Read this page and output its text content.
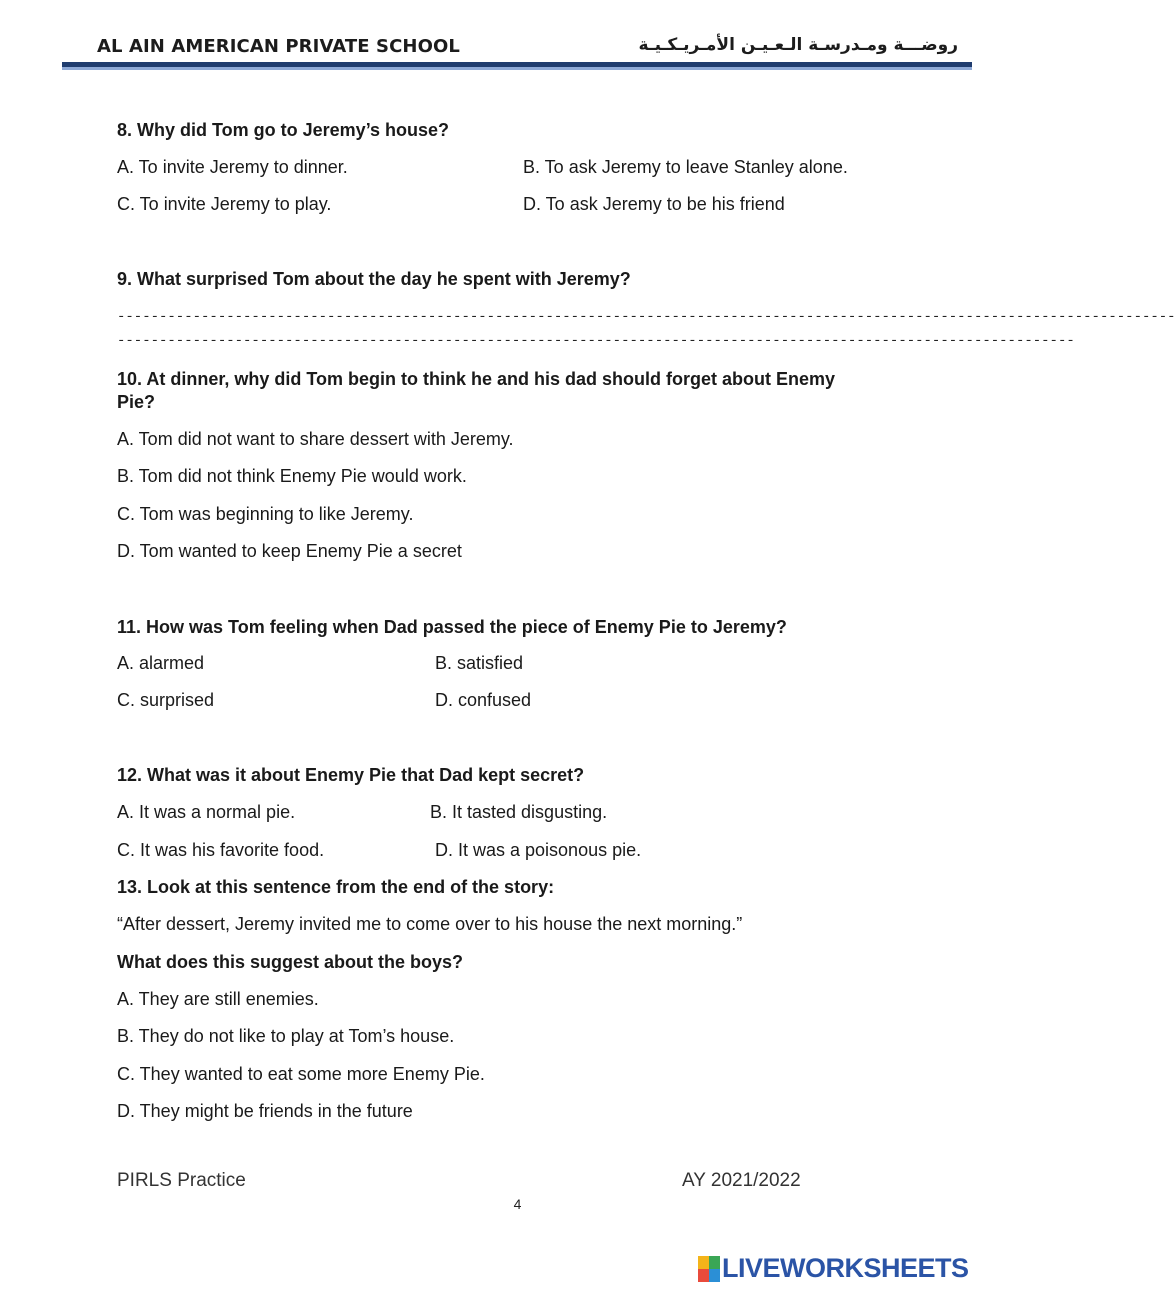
AL AIN AMERICAN PRIVATE SCHOOL	روضـــة ومـدرسـة الـعـيـن الأمـريـكـيـة
8. Why did Tom go to Jeremy’s house?
A. To invite Jeremy to dinner.	B. To ask Jeremy to leave Stanley alone.
C. To invite Jeremy to play.	D. To ask Jeremy to be his friend
9. What surprised Tom about the day he spent with Jeremy?
------------------------------------------------------------------------------------------------------------------------------
------------------------------------------------------------------------------------------------------------------
10. At dinner, why did Tom begin to think he and his dad should forget about Enemy
Pie?
A. Tom did not want to share dessert with Jeremy.
B. Tom did not think Enemy Pie would work.
C. Tom was beginning to like Jeremy.
D. Tom wanted to keep Enemy Pie a secret
11. How was Tom feeling when Dad passed the piece of Enemy Pie to Jeremy?
A. alarmed	B. satisfied
C. surprised	D. confused
12. What was it about Enemy Pie that Dad kept secret?
A. It was a normal pie.	B. It tasted disgusting.
C. It was his favorite food.	D. It was a poisonous pie.
13. Look at this sentence from the end of the story:
“After dessert, Jeremy invited me to come over to his house the next morning.”
What does this suggest about the boys?
A. They are still enemies.
B. They do not like to play at Tom’s house.
C. They wanted to eat some more Enemy Pie.
D. They might be friends in the future
PIRLS Practice	AY 2021/2022
4
LIVEWORKSHEETS
